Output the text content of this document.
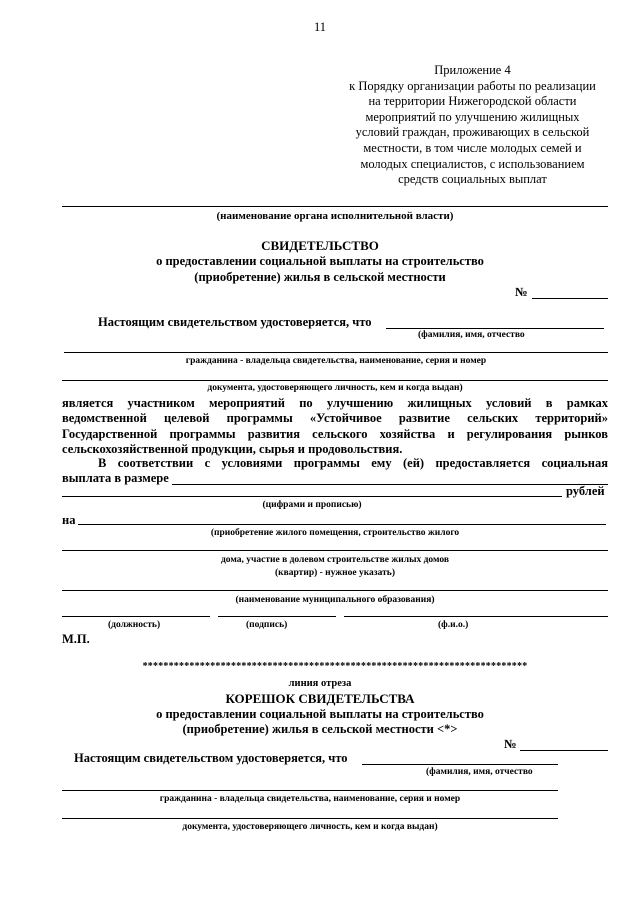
11
Приложение 4
к Порядку организации работы по реализации
на территории Нижегородской области
мероприятий по улучшению жилищных
условий граждан, проживающих в сельской
местности, в том числе молодых семей и
молодых специалистов, с использованием
средств социальных выплат
(наименование органа исполнительной власти)
СВИДЕТЕЛЬСТВО
о предоставлении социальной выплаты на строительство
(приобретение) жилья в сельской местности
№
Настоящим свидетельством удостоверяется, что
(фамилия, имя, отчество
гражданина - владельца свидетельства, наименование, серия и номер
документа, удостоверяющего личность, кем и когда выдан)
является участником мероприятий по улучшению жилищных условий в рамках
ведомственной целевой программы «Устойчивое развитие сельских территорий»
Государственной программы развития сельского хозяйства и регулирования рынков
сельскохозяйственной продукции, сырья и продовольствия.
В соответствии с условиями программы ему (ей) предоставляется социальная
выплата в размере
рублей
(цифрами и прописью)
на
(приобретение жилого помещения, строительство жилого
дома, участие в долевом строительстве жилых домов
(квартир) - нужное указать)
(наименование муниципального образования)
(должность)	(подпись)	(ф.и.о.)
М.П.
**************************************************************************
линия отреза
КОРЕШОК СВИДЕТЕЛЬСТВА
о предоставлении социальной выплаты на строительство
(приобретение) жилья в сельской местности <*>
№
Настоящим свидетельством удостоверяется, что
(фамилия, имя, отчество
гражданина - владельца свидетельства, наименование, серия и номер
документа, удостоверяющего личность, кем и когда выдан)
